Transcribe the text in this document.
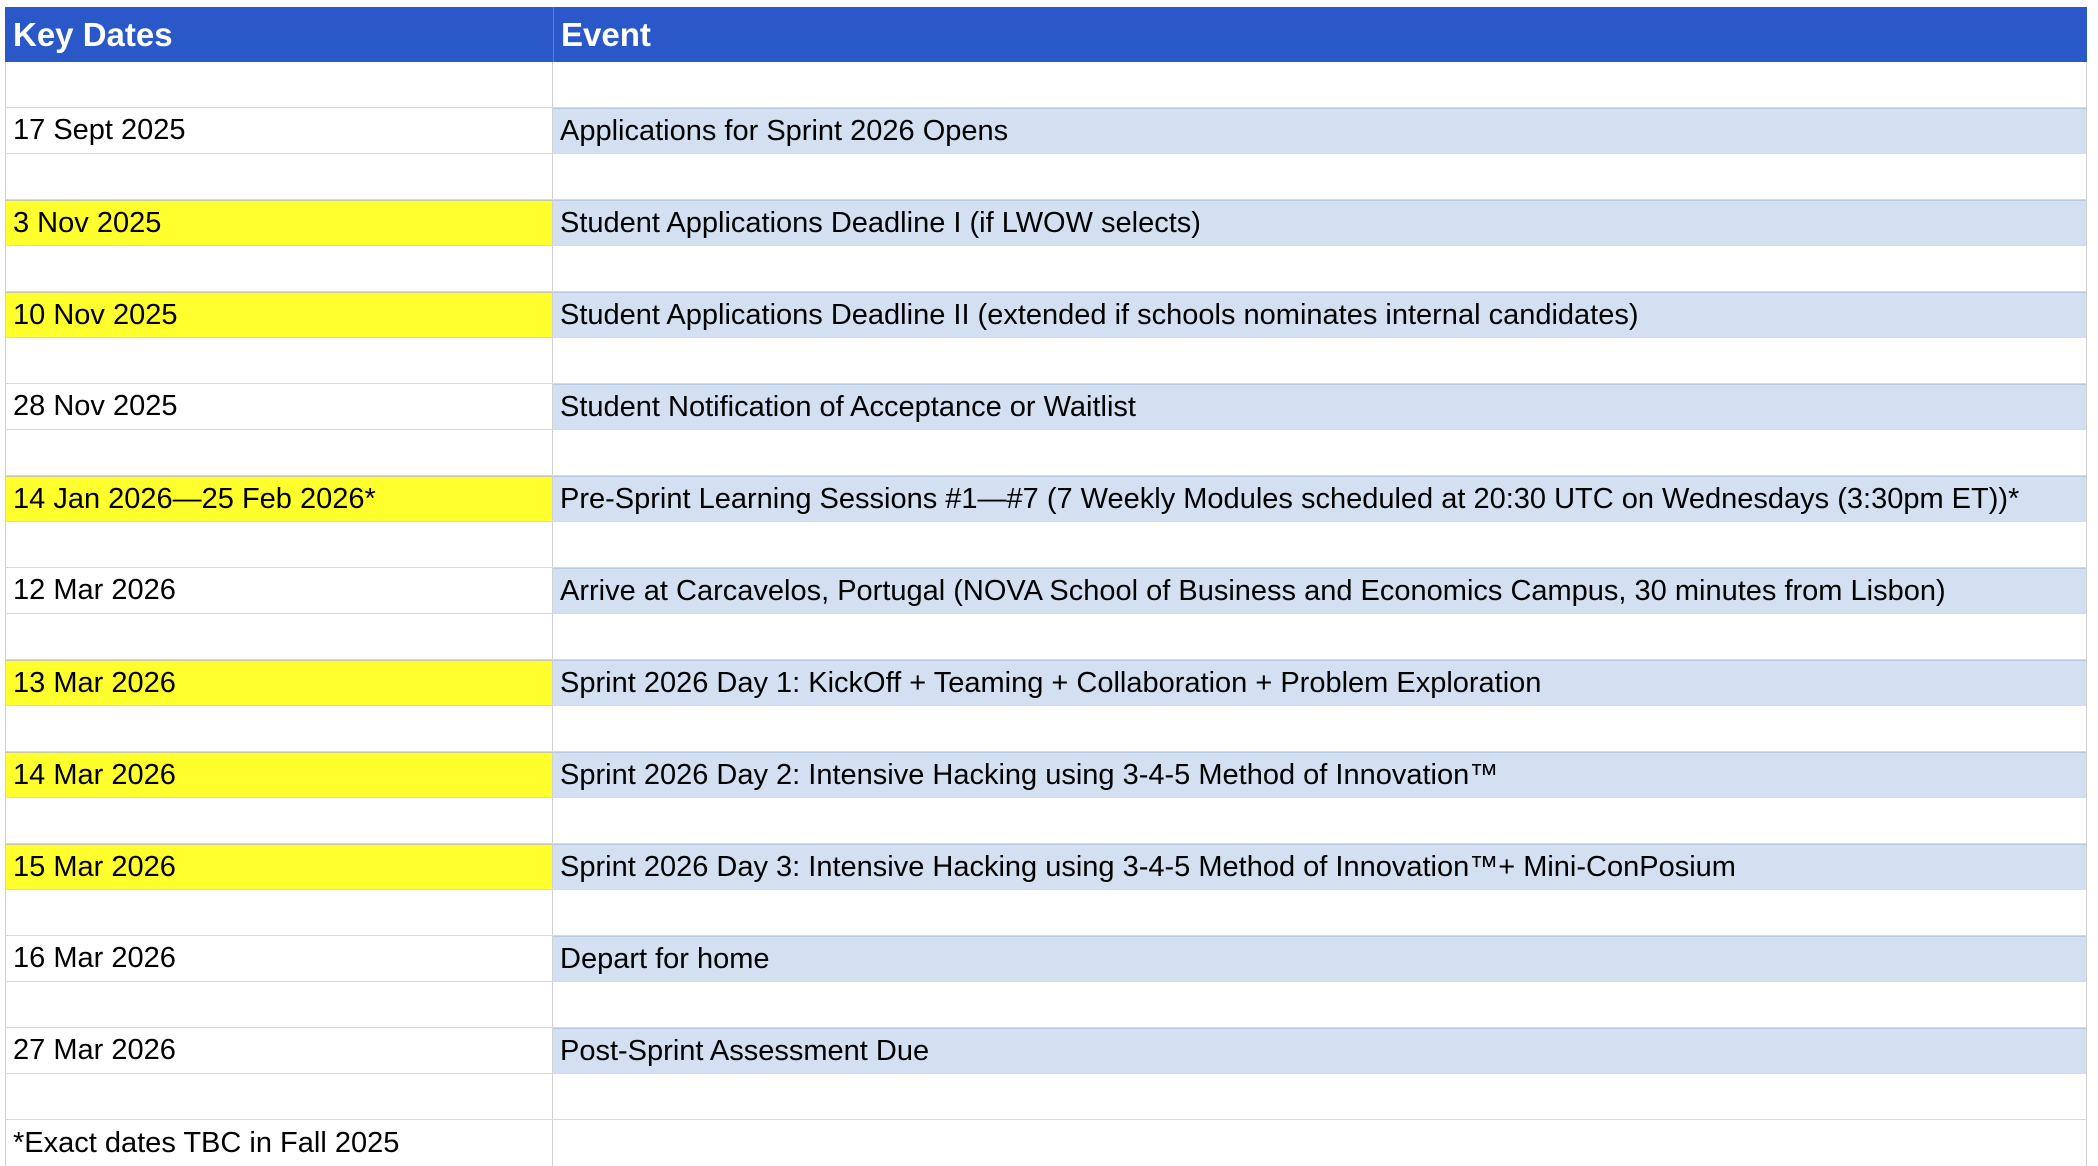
Key Dates	Event
17 Sept 2025	Applications for Sprint 2026 Opens
3 Nov 2025	Student Applications Deadline I (if LWOW selects)
10 Nov 2025	Student Applications Deadline II (extended if schools nominates internal candidates)
28 Nov 2025	Student Notification of Acceptance or Waitlist
14 Jan 2026—25 Feb 2026*	Pre-Sprint Learning Sessions #1—#7 (7 Weekly Modules scheduled at 20:30 UTC on Wednesdays (3:30pm ET))*
12 Mar 2026	Arrive at Carcavelos, Portugal (NOVA School of Business and Economics Campus, 30 minutes from Lisbon)
13 Mar 2026	Sprint 2026 Day 1: KickOff + Teaming + Collaboration + Problem Exploration
14 Mar 2026	Sprint 2026 Day 2: Intensive Hacking using 3-4-5 Method of Innovation™
15 Mar 2026	Sprint 2026 Day 3: Intensive Hacking using 3-4-5 Method of Innovation™+ Mini-ConPosium
16 Mar 2026	Depart for home
27 Mar 2026	Post-Sprint Assessment Due
*Exact dates TBC in Fall 2025
